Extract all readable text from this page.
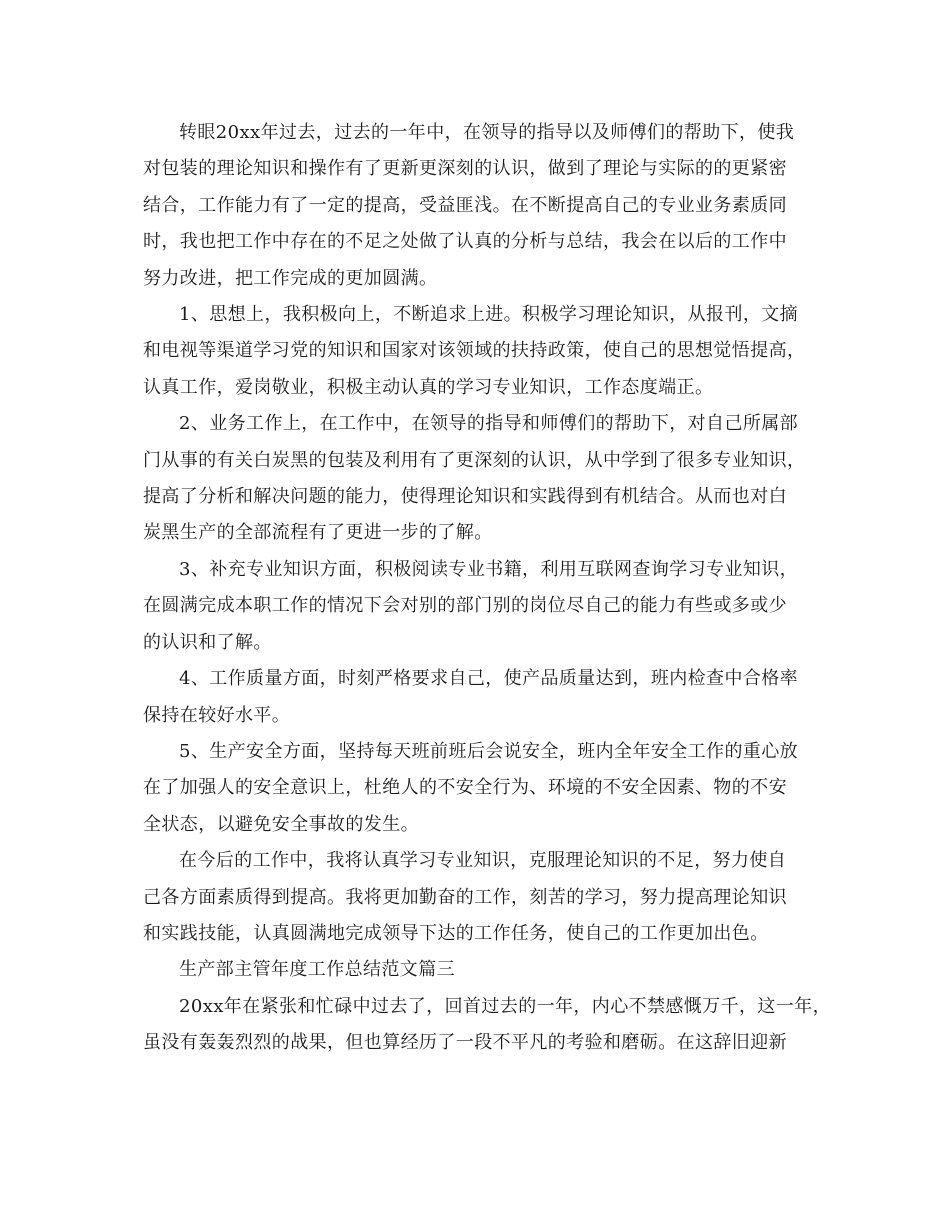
转眼20xx年过去，过去的一年中，在领导的指导以及师傅们的帮助下，使我
对包装的理论知识和操作有了更新更深刻的认识，做到了理论与实际的的更紧密
结合，工作能力有了一定的提高，受益匪浅。在不断提高自己的专业业务素质同
时，我也把工作中存在的不足之处做了认真的分析与总结，我会在以后的工作中
努力改进，把工作完成的更加圆满。
1、思想上，我积极向上，不断追求上进。积极学习理论知识，从报刊，文摘
和电视等渠道学习党的知识和国家对该领域的扶持政策，使自己的思想觉悟提高，
认真工作，爱岗敬业，积极主动认真的学习专业知识，工作态度端正。
2、业务工作上，在工作中，在领导的指导和师傅们的帮助下，对自己所属部
门从事的有关白炭黑的包装及利用有了更深刻的认识，从中学到了很多专业知识，
提高了分析和解决问题的能力，使得理论知识和实践得到有机结合。从而也对白
炭黑生产的全部流程有了更进一步的了解。
3、补充专业知识方面，积极阅读专业书籍，利用互联网查询学习专业知识，
在圆满完成本职工作的情况下会对别的部门别的岗位尽自己的能力有些或多或少
的认识和了解。
4、工作质量方面，时刻严格要求自己，使产品质量达到，班内检查中合格率
保持在较好水平。
5、生产安全方面，坚持每天班前班后会说安全，班内全年安全工作的重心放
在了加强人的安全意识上，杜绝人的不安全行为、环境的不安全因素、物的不安
全状态，以避免安全事故的发生。
在今后的工作中，我将认真学习专业知识，克服理论知识的不足，努力使自
己各方面素质得到提高。我将更加勤奋的工作，刻苦的学习，努力提高理论知识
和实践技能，认真圆满地完成领导下达的工作任务，使自己的工作更加出色。
生产部主管年度工作总结范文篇三
20xx年在紧张和忙碌中过去了，回首过去的一年，内心不禁感慨万千，这一年，
虽没有轰轰烈烈的战果，但也算经历了一段不平凡的考验和磨砺。在这辞旧迎新
